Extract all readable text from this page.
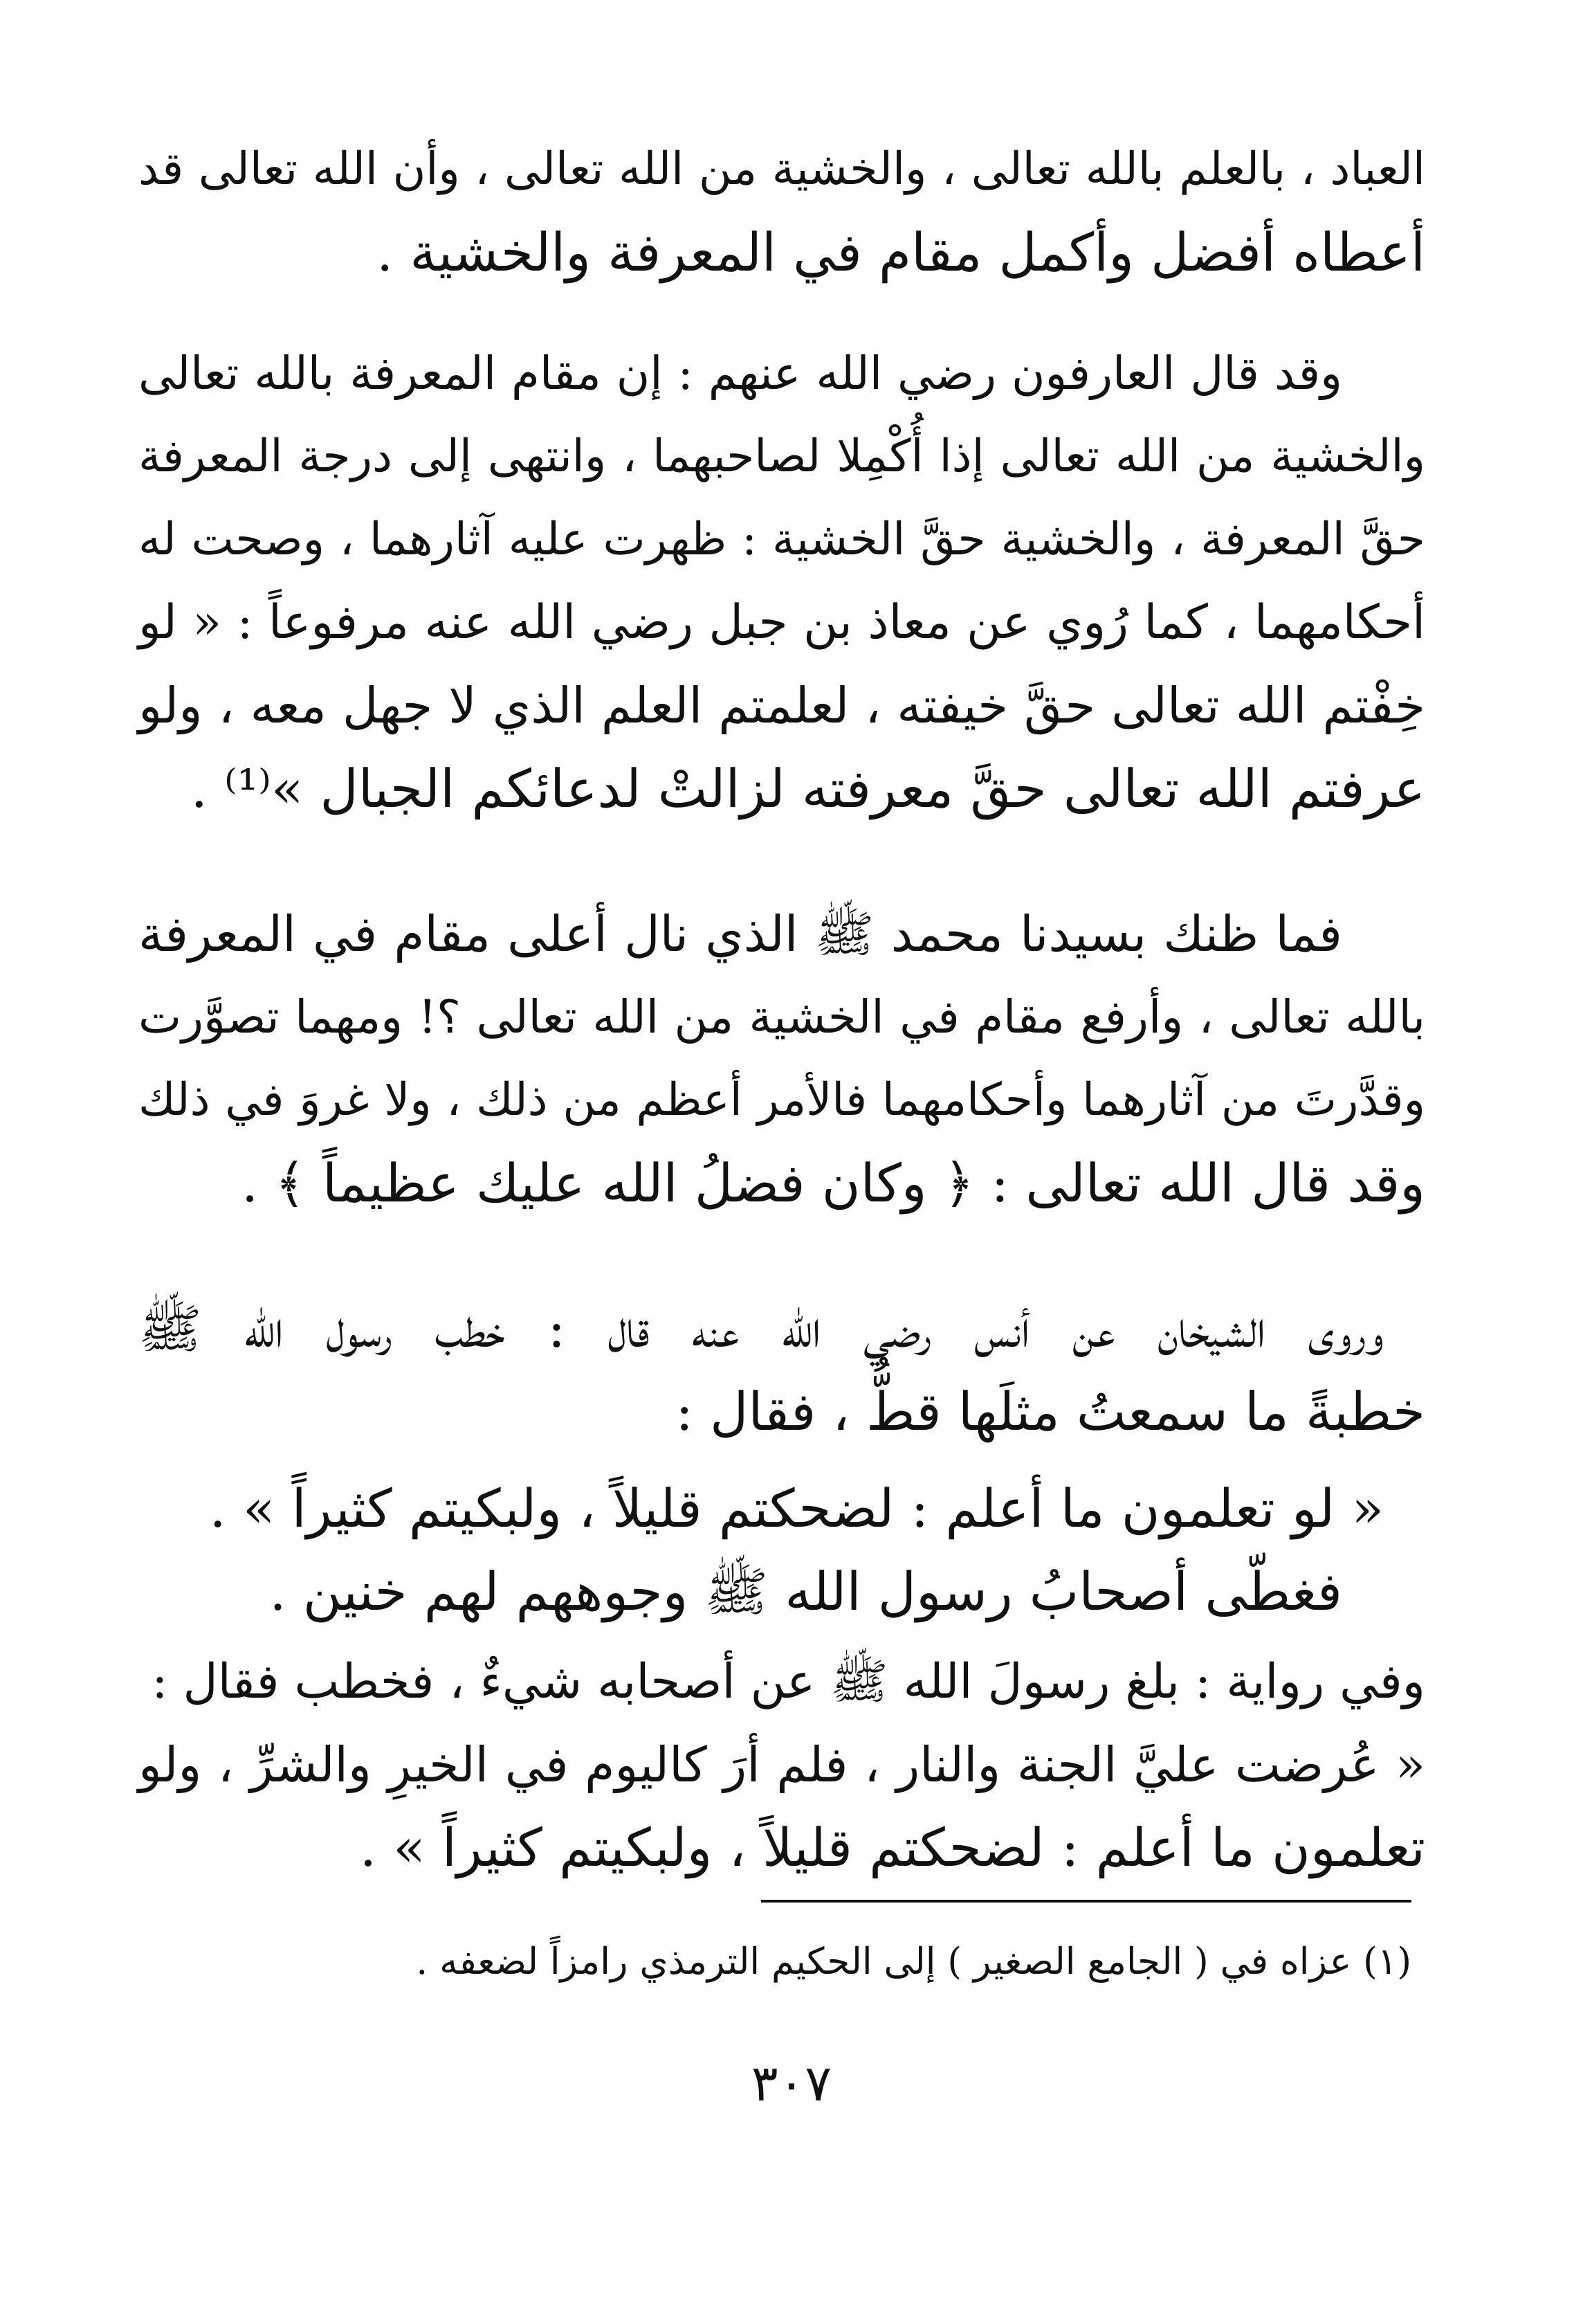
العباد ، بالعلم بالله تعالى ، والخشية من الله تعالى ، وأن الله تعالى قد
أعطاه أفضل وأكمل مقام في المعرفة والخشية .
وقد قال العارفون رضي الله عنهم : إن مقام المعرفة بالله تعالى
والخشية من الله تعالى إذا أُكْمِلا لصاحبهما ، وانتهى إلى درجة المعرفة
حقَّ المعرفة ، والخشية حقَّ الخشية : ظهرت عليه آثارهما ، وصحت له
أحكامهما ، كما رُوي عن معاذ بن جبل رضي الله عنه مرفوعاً : « لو
خِفْتم الله تعالى حقَّ خيفته ، لعلمتم العلم الذي لا جهل معه ، ولو
عرفتم الله تعالى حقَّ معرفته لزالتْ لدعائكم الجبال »⁽¹⁾ .
فما ظنك بسيدنا محمد ﷺ الذي نال أعلى مقام في المعرفة
بالله تعالى ، وأرفع مقام في الخشية من الله تعالى ؟! ومهما تصوَّرت
وقدَّرتَ من آثارهما وأحكامهما فالأمر أعظم من ذلك ، ولا غروَ في ذلك
وقد قال الله تعالى : ﴿ وكان فضلُ الله عليك عظيماً ﴾ .
وروى الشيخان عن أنس رضي الله عنه قال : خطب رسول الله ﷺ
خطبةً ما سمعتُ مثلَها قطُّ ، فقال :
« لو تعلمون ما أعلم : لضحكتم قليلاً ، ولبكيتم كثيراً » .
فغطّى أصحابُ رسول الله ﷺ وجوههم لهم خنين .
وفي رواية : بلغ رسولَ الله ﷺ عن أصحابه شيءٌ ، فخطب فقال :
« عُرضت عليَّ الجنة والنار ، فلم أرَ كاليوم في الخيرِ والشرِّ ، ولو
تعلمون ما أعلم : لضحكتم قليلاً ، ولبكيتم كثيراً » .
(١) عزاه في ( الجامع الصغير ) إلى الحكيم الترمذي رامزاً لضعفه .
٣٠٧
